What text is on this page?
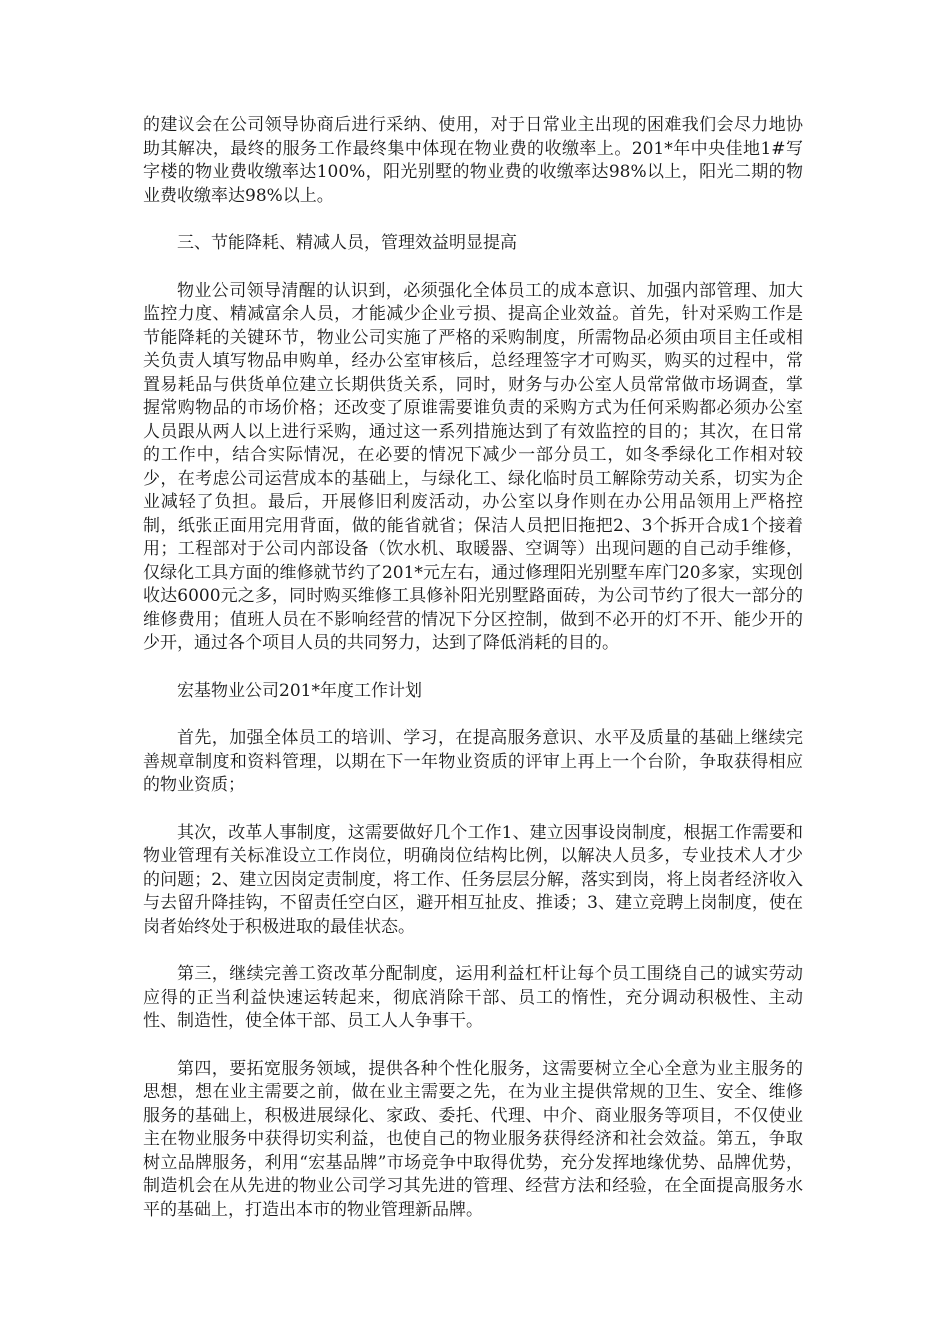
的建议会在公司领导协商后进行采纳、使用，对于日常业主出现的困难我们会尽力地协助其解决，最终的服务工作最终集中体现在物业费的收缴率上。201*年中央佳地1#写字楼的物业费收缴率达100%，阳光别墅的物业费的收缴率达98%以上，阳光二期的物业费收缴率达98%以上。

三、节能降耗、精减人员，管理效益明显提高

物业公司领导清醒的认识到，必须强化全体员工的成本意识、加强内部管理、加大监控力度、精减富余人员，才能减少企业亏损、提高企业效益。首先，针对采购工作是节能降耗的关键环节，物业公司实施了严格的采购制度，所需物品必须由项目主任或相关负责人填写物品申购单，经办公室审核后，总经理签字才可购买，购买的过程中，常置易耗品与供货单位建立长期供货关系，同时，财务与办公室人员常常做市场调查，掌握常购物品的市场价格；还改变了原谁需要谁负责的采购方式为任何采购都必须办公室人员跟从两人以上进行采购，通过这一系列措施达到了有效监控的目的；其次，在日常的工作中，结合实际情况，在必要的情况下减少一部分员工，如冬季绿化工作相对较少，在考虑公司运营成本的基础上，与绿化工、绿化临时员工解除劳动关系，切实为企业减轻了负担。最后，开展修旧利废活动，办公室以身作则在办公用品领用上严格控制，纸张正面用完用背面，做的能省就省；保洁人员把旧拖把2、3个拆开合成1个接着用；工程部对于公司内部设备（饮水机、取暖器、空调等）出现问题的自己动手维修，仅绿化工具方面的维修就节约了201*元左右，通过修理阳光别墅车库门20多家，实现创收达6000元之多，同时购买维修工具修补阳光别墅路面砖，为公司节约了很大一部分的维修费用；值班人员在不影响经营的情况下分区控制，做到不必开的灯不开、能少开的少开，通过各个项目人员的共同努力，达到了降低消耗的目的。

宏基物业公司201*年度工作计划

首先，加强全体员工的培训、学习，在提高服务意识、水平及质量的基础上继续完善规章制度和资料管理，以期在下一年物业资质的评审上再上一个台阶，争取获得相应的物业资质；

其次，改革人事制度，这需要做好几个工作1、建立因事设岗制度，根据工作需要和物业管理有关标准设立工作岗位，明确岗位结构比例，以解决人员多，专业技术人才少的问题；2、建立因岗定责制度，将工作、任务层层分解，落实到岗，将上岗者经济收入与去留升降挂钩，不留责任空白区，避开相互扯皮、推诿；3、建立竞聘上岗制度，使在岗者始终处于积极进取的最佳状态。

第三，继续完善工资改革分配制度，运用利益杠杆让每个员工围绕自己的诚实劳动应得的正当利益快速运转起来，彻底消除干部、员工的惰性，充分调动积极性、主动性、制造性，使全体干部、员工人人争事干。

第四，要拓宽服务领域，提供各种个性化服务，这需要树立全心全意为业主服务的思想，想在业主需要之前，做在业主需要之先，在为业主提供常规的卫生、安全、维修服务的基础上，积极进展绿化、家政、委托、代理、中介、商业服务等项目，不仅使业主在物业服务中获得切实利益，也使自己的物业服务获得经济和社会效益。第五，争取树立品牌服务，利用“宏基品牌”市场竞争中取得优势，充分发挥地缘优势、品牌优势，制造机会在从先进的物业公司学习其先进的管理、经营方法和经验，在全面提高服务水平的基础上，打造出本市的物业管理新品牌。
